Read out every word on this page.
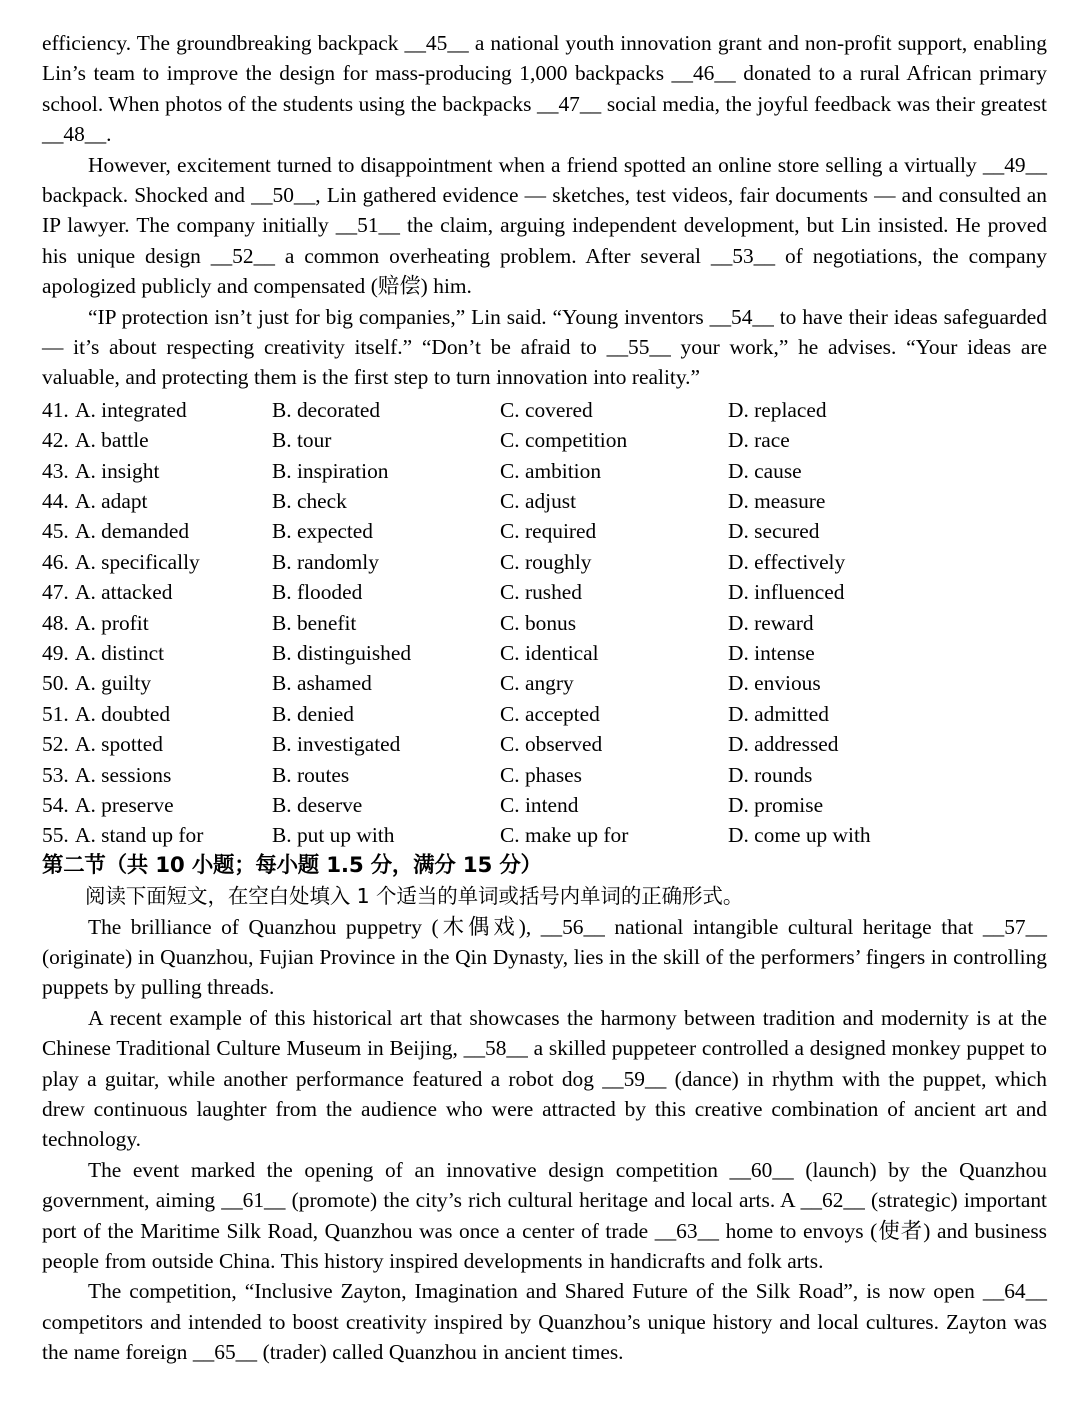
efficiency. The groundbreaking backpack __45__ a national youth innovation grant and non-profit support, enabling Lin’s team to improve the design for mass-producing 1,000 backpacks __46__ donated to a rural African primary school. When photos of the students using the backpacks __47__ social media, the joyful feedback was their greatest __48__.

However, excitement turned to disappointment when a friend spotted an online store selling a virtually __49__ backpack. Shocked and __50__, Lin gathered evidence — sketches, test videos, fair documents — and consulted an IP lawyer. The company initially __51__ the claim, arguing independent development, but Lin insisted. He proved his unique design __52__ a common overheating problem. After several __53__ of negotiations, the company apologized publicly and compensated (赔偿) him.

“IP protection isn’t just for big companies,” Lin said. “Young inventors __54__ to have their ideas safeguarded — it’s about respecting creativity itself.” “Don’t be afraid to __55__ your work,” he advises. “Your ideas are valuable, and protecting them is the first step to turn innovation into reality.”

41. A. integrated	B. decorated	C. covered	D. replaced
42. A. battle	B. tour	C. competition	D. race
43. A. insight	B. inspiration	C. ambition	D. cause
44. A. adapt	B. check	C. adjust	D. measure
45. A. demanded	B. expected	C. required	D. secured
46. A. specifically	B. randomly	C. roughly	D. effectively
47. A. attacked	B. flooded	C. rushed	D. influenced
48. A. profit	B. benefit	C. bonus	D. reward
49. A. distinct	B. distinguished	C. identical	D. intense
50. A. guilty	B. ashamed	C. angry	D. envious
51. A. doubted	B. denied	C. accepted	D. admitted
52. A. spotted	B. investigated	C. observed	D. addressed
53. A. sessions	B. routes	C. phases	D. rounds
54. A. preserve	B. deserve	C. intend	D. promise
55. A. stand up for	B. put up with	C. make up for	D. come up with

第二节（共 10 小题；每小题 1.5 分，满分 15 分）

阅读下面短文，在空白处填入 1 个适当的单词或括号内单词的正确形式。

The brilliance of Quanzhou puppetry (木偶戏), __56__ national intangible cultural heritage that __57__ (originate) in Quanzhou, Fujian Province in the Qin Dynasty, lies in the skill of the performers’ fingers in controlling puppets by pulling threads.

A recent example of this historical art that showcases the harmony between tradition and modernity is at the Chinese Traditional Culture Museum in Beijing, __58__ a skilled puppeteer controlled a designed monkey puppet to play a guitar, while another performance featured a robot dog __59__ (dance) in rhythm with the puppet, which drew continuous laughter from the audience who were attracted by this creative combination of ancient art and technology.

The event marked the opening of an innovative design competition __60__ (launch) by the Quanzhou government, aiming __61__ (promote) the city’s rich cultural heritage and local arts. A __62__ (strategic) important port of the Maritime Silk Road, Quanzhou was once a center of trade __63__ home to envoys (使者) and business people from outside China. This history inspired developments in handicrafts and folk arts.

The competition, “Inclusive Zayton, Imagination and Shared Future of the Silk Road”, is now open __64__ competitors and intended to boost creativity inspired by Quanzhou’s unique history and local cultures. Zayton was the name foreign __65__ (trader) called Quanzhou in ancient times.
